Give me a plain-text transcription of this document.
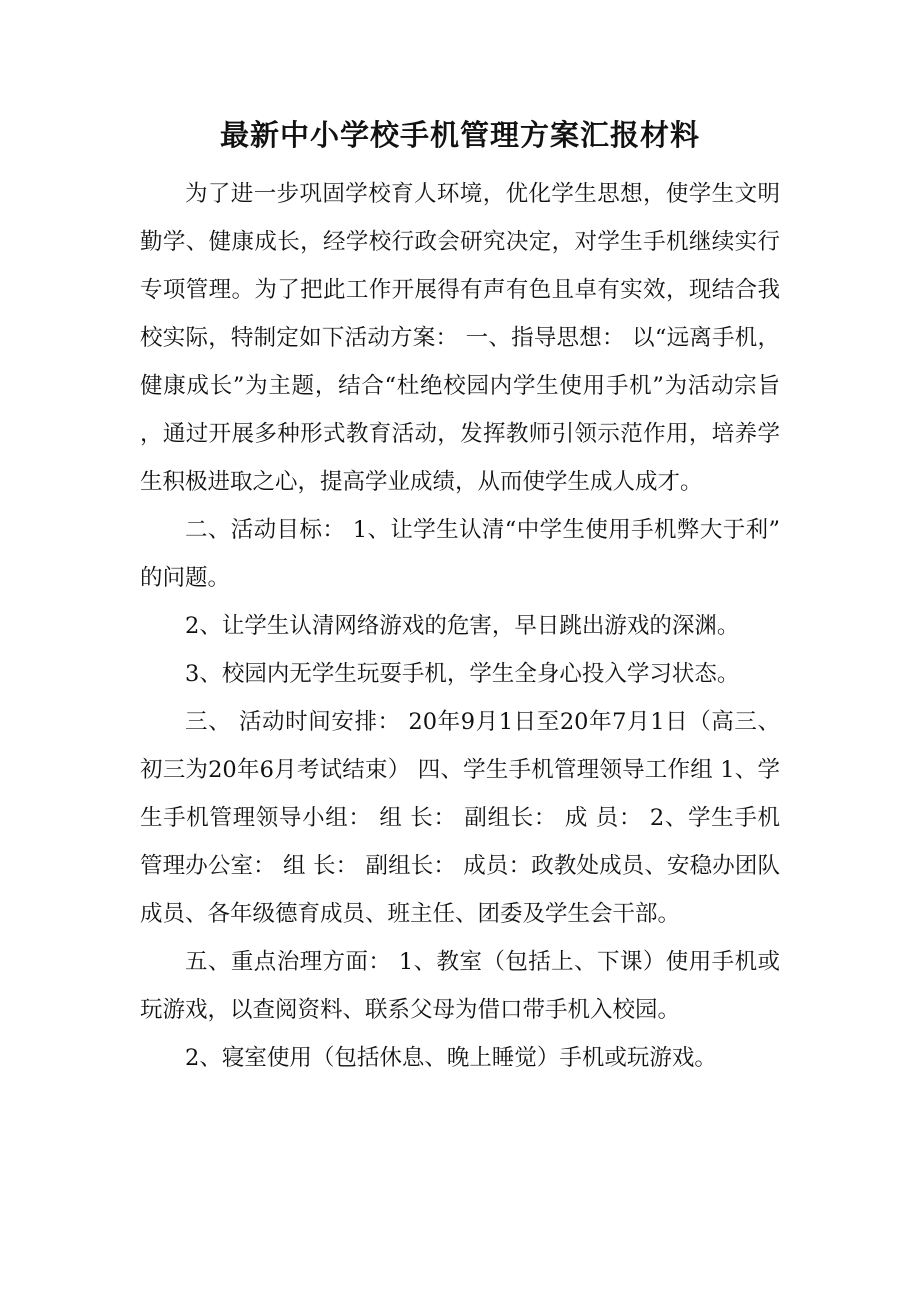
最新中小学校手机管理方案汇报材料

为了进一步巩固学校育人环境，优化学生思想，使学生文明勤学、健康成长，经学校行政会研究决定，对学生手机继续实行专项管理。为了把此工作开展得有声有色且卓有实效，现结合我校实际，特制定如下活动方案： 一、指导思想： 以“远离手机，健康成长”为主题，结合“杜绝校园内学生使用手机”为活动宗旨，通过开展多种形式教育活动，发挥教师引领示范作用，培养学生积极进取之心，提高学业成绩，从而使学生成人成才。

二、活动目标： 1、让学生认清“中学生使用手机弊大于利”的问题。

2、让学生认清网络游戏的危害，早日跳出游戏的深渊。

3、校园内无学生玩耍手机，学生全身心投入学习状态。

三、 活动时间安排： 20年9月1日至20年7月1日（高三、初三为20年6月考试结束） 四、学生手机管理领导工作组 1、学生手机管理领导小组： 组 长： 副组长： 成 员： 2、学生手机管理办公室： 组 长： 副组长： 成员：政教处成员、安稳办团队成员、各年级德育成员、班主任、团委及学生会干部。

五、重点治理方面： 1、教室（包括上、下课）使用手机或玩游戏，以查阅资料、联系父母为借口带手机入校园。

2、寝室使用（包括休息、晚上睡觉）手机或玩游戏。
